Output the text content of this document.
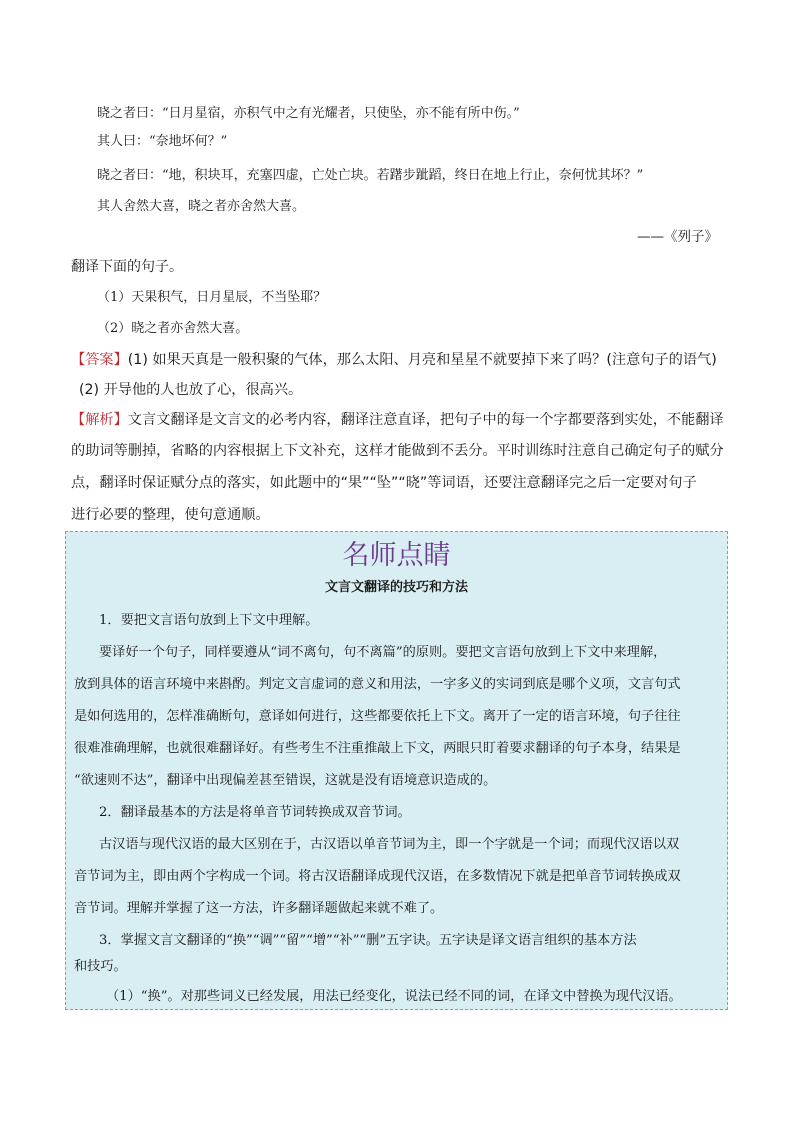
晓之者曰：“日月星宿，亦积气中之有光耀者，只使坠，亦不能有所中伤。”
其人曰：“奈地坏何？”
晓之者曰：“地，积块耳，充塞四虚，亡处亡块。若躇步跐蹈，终日在地上行止，奈何忧其坏？”
其人舍然大喜，晓之者亦舍然大喜。
——《列子》
翻译下面的句子。
（1）天果积气，日月星辰，不当坠耶？
（2）晓之者亦舍然大喜。
【答案】(1) 如果天真是一般积聚的气体，那么太阳、月亮和星星不就要掉下来了吗？(注意句子的语气)
(2) 开导他的人也放了心，很高兴。
【解析】文言文翻译是文言文的必考内容，翻译注意直译，把句子中的每一个字都要落到实处，不能翻译
的助词等删掉，省略的内容根据上下文补充，这样才能做到不丢分。平时训练时注意自己确定句子的赋分
点，翻译时保证赋分点的落实，如此题中的“果”“坠”“晓”等词语，还要注意翻译完之后一定要对句子
进行必要的整理，使句意通顺。
名师点睛
文言文翻译的技巧和方法
1．要把文言语句放到上下文中理解。
要译好一个句子，同样要遵从“词不离句，句不离篇”的原则。要把文言语句放到上下文中来理解，
放到具体的语言环境中来斟酌。判定文言虚词的意义和用法，一字多义的实词到底是哪个义项，文言句式
是如何选用的，怎样准确断句，意译如何进行，这些都要依托上下文。离开了一定的语言环境，句子往往
很难准确理解，也就很难翻译好。有些考生不注重推敲上下文，两眼只盯着要求翻译的句子本身，结果是
“欲速则不达”，翻译中出现偏差甚至错误，这就是没有语境意识造成的。
2．翻译最基本的方法是将单音节词转换成双音节词。
古汉语与现代汉语的最大区别在于，古汉语以单音节词为主，即一个字就是一个词；而现代汉语以双
音节词为主，即由两个字构成一个词。将古汉语翻译成现代汉语，在多数情况下就是把单音节词转换成双
音节词。理解并掌握了这一方法，许多翻译题做起来就不难了。
3．掌握文言文翻译的“换”“调”“留”“增”“补”“删”五字诀。五字诀是译文语言组织的基本方法
和技巧。
（1）“换”。对那些词义已经发展，用法已经变化，说法已经不同的词，在译文中替换为现代汉语。
